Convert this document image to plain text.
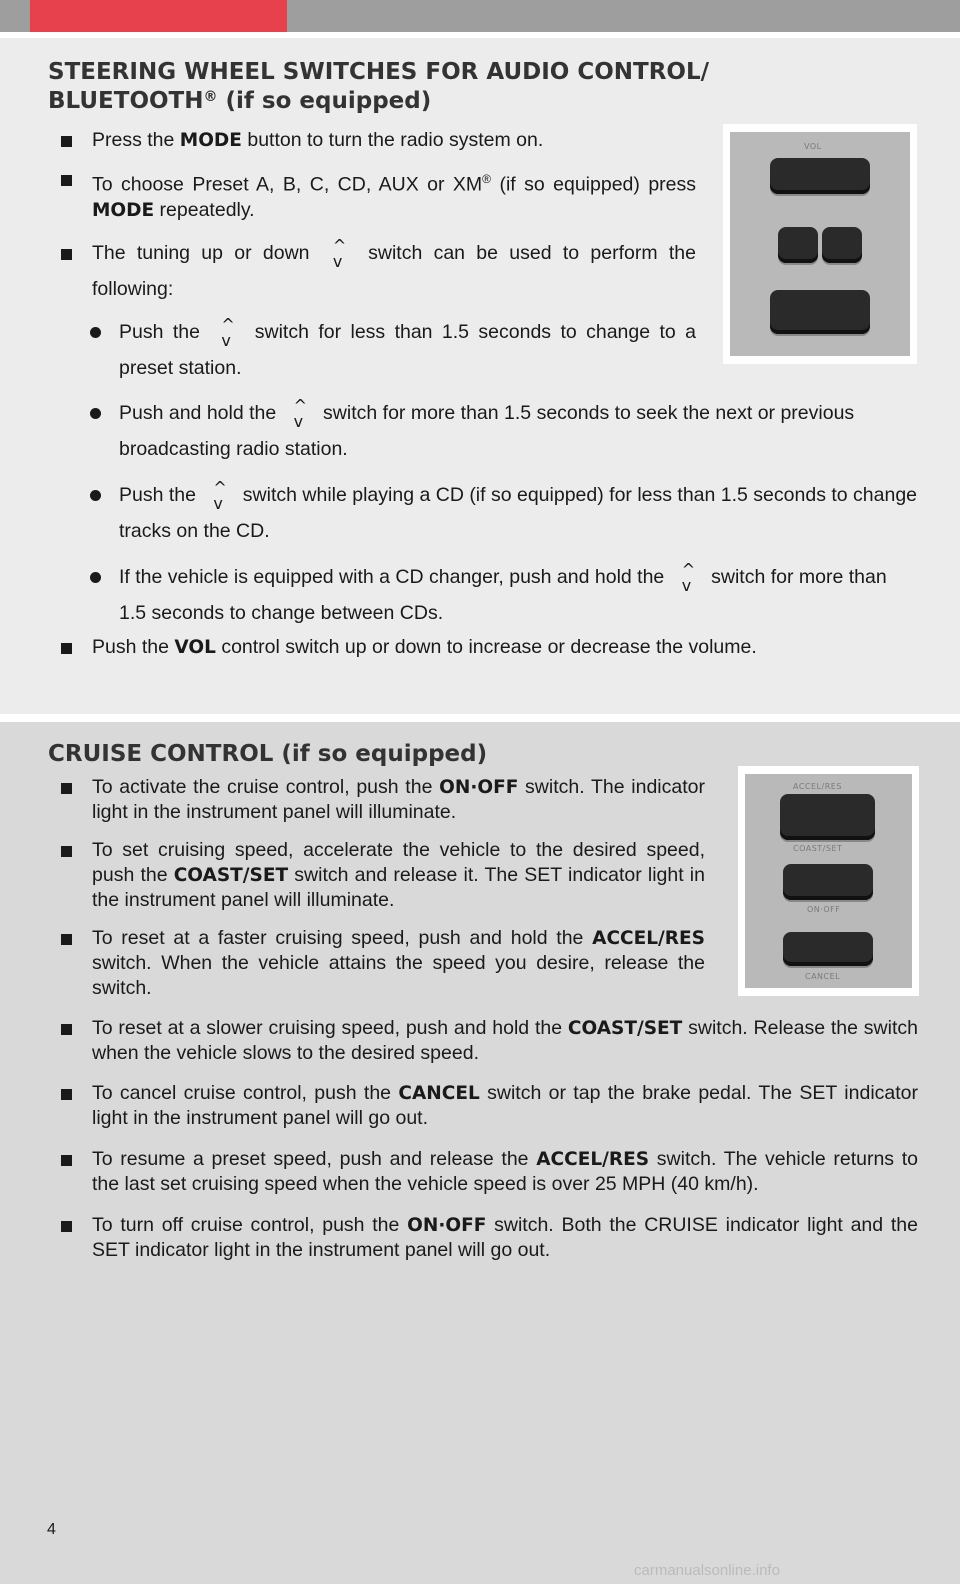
STEERING WHEEL SWITCHES FOR AUDIO CONTROL/
BLUETOOTH® (if so equipped)
Press the MODE button to turn the radio system on.
To choose Preset A, B, C, CD, AUX or XM® (if so equipped) press MODE repeatedly.
The tuning up or down ^
v switch can be used to perform the following:
Push the ^
v switch for less than 1.5 seconds to change to a preset station.
Push and hold the ^
v switch for more than 1.5 seconds to seek the next or previous broadcasting radio station.
Push the ^
v switch while playing a CD (if so equipped) for less than 1.5 seconds to change tracks on the CD.
If the vehicle is equipped with a CD changer, push and hold the ^
v switch for more than 1.5 seconds to change between CDs.
Push the VOL control switch up or down to increase or decrease the volume.
VOL
CRUISE CONTROL (if so equipped)
To activate the cruise control, push the ON·OFF switch. The indicator light in the instrument panel will illuminate.
To set cruising speed, accelerate the vehicle to the desired speed, push the COAST/SET switch and release it. The SET indicator light in the instrument panel will illuminate.
To reset at a faster cruising speed, push and hold the ACCEL/RES switch. When the vehicle attains the speed you desire, release the switch.
To reset at a slower cruising speed, push and hold the COAST/SET switch. Release the switch when the vehicle slows to the desired speed.
To cancel cruise control, push the CANCEL switch or tap the brake pedal. The SET indicator light in the instrument panel will go out.
To resume a preset speed, push and release the ACCEL/RES switch. The vehicle returns to the last set cruising speed when the vehicle speed is over 25 MPH (40 km/h).
To turn off cruise control, push the ON·OFF switch. Both the CRUISE indicator light and the SET indicator light in the instrument panel will go out.
ACCEL/RES
COAST/SET
ON·OFF
CANCEL
4
carmanualsonline.info
